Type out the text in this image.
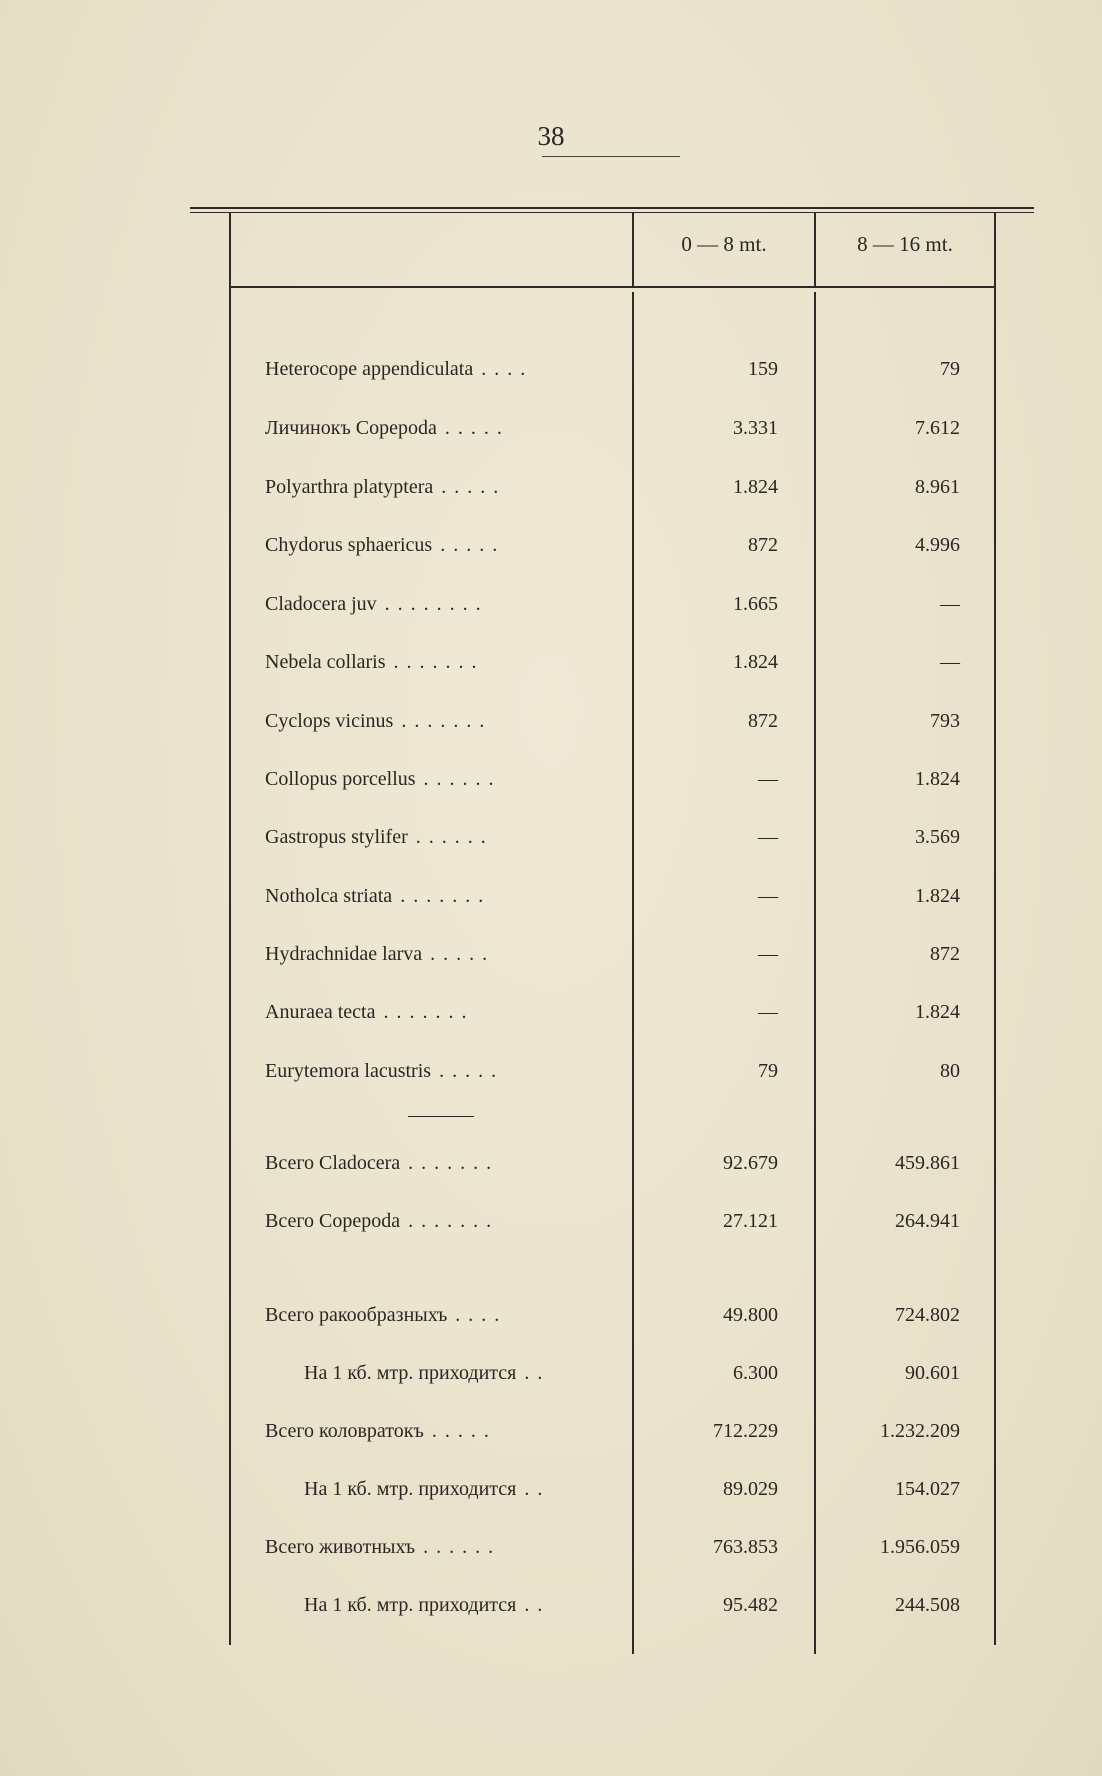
38
0 — 8 mt.	8 — 16 mt.
Heterocope appendiculata ....	159	79
Личинокъ Copepoda .....	3.331	7.612
Polyarthra platyptera .....	1.824	8.961
Chydorus sphaericus .....	872	4.996
Cladocera juv ........	1.665	—
Nebela collaris .......	1.824	—
Cyclops vicinus .......	872	793
Collopus porcellus ......	—	1.824
Gastropus stylifer ......	—	3.569
Notholca striata .......	—	1.824
Hydrachnidae larva .....	—	872
Anuraea tecta .......	—	1.824
Eurytemora lacustris .....	79	80
Всего Cladocera .......	92.679	459.861
Всего Copepoda .......	27.121	264.941
Всего ракообразныхъ ....	49.800	724.802
На 1 кб. мтр. приходится ..	6.300	90.601
Всего коловратокъ .....	712.229	1.232.209
На 1 кб. мтр. приходится ..	89.029	154.027
Всего животныхъ ......	763.853	1.956.059
На 1 кб. мтр. приходится ..	95.482	244.508
